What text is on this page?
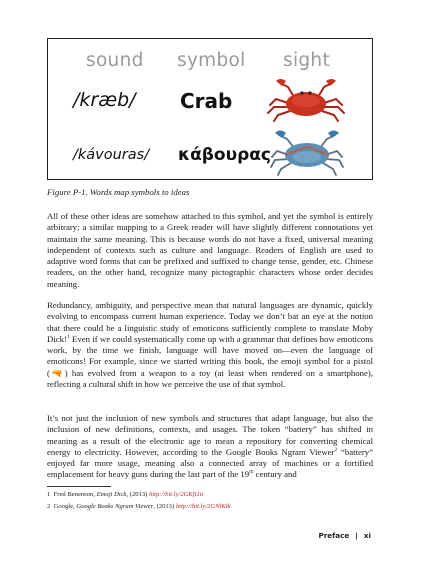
sound symbol sight
/kræb/ Crab
/kávouras/ κάβουρας
Figure P-1. Words map symbols to ideas

All of these other ideas are somehow attached to this symbol, and yet the symbol is entirely arbitrary; a similar mapping to a Greek reader will have slightly different connotations yet maintain the same meaning. This is because words do not have a fixed, universal meaning independent of contexts such as culture and language. Readers of English are used to adaptive word forms that can be prefixed and suffixed to change tense, gender, etc. Chinese readers, on the other hand, recognize many pictographic characters whose order decides meaning.

Redundancy, ambiguity, and perspective mean that natural languages are dynamic, quickly evolving to encompass current human experience. Today we don’t bat an eye at the notion that there could be a linguistic study of emoticons sufficiently complete to translate Moby Dick!$^1$ Even if we could systematically come up with a grammar that defines how emoticons work, by the time we finish, language will have moved on—even the language of emoticons! For example, since we started writing this book, the emoji symbol for a pistol (🔫) has evolved from a weapon to a toy (at least when rendered on a smartphone), reflecting a cultural shift in how we perceive the use of that symbol.

It’s not just the inclusion of new symbols and structures that adapt language, but also the inclusion of new definitions, contexts, and usages. The token “battery” has shifted in meaning as a result of the electronic age to mean a repository for converting chemical energy to electricity. However, according to the Google Books Ngram Viewer$^2$ “battery” enjoyed far more usage, meaning also a connected array of machines or a fortified emplacement for heavy guns during the last part of the 19th century and

1 Fred Benenson, Emoji Dick, (2013) http://bit.ly/2GKft1n
2 Google, Google Books Ngram Viewer, (2013) http://bit.ly/2GNlKtk
Preface | xi
